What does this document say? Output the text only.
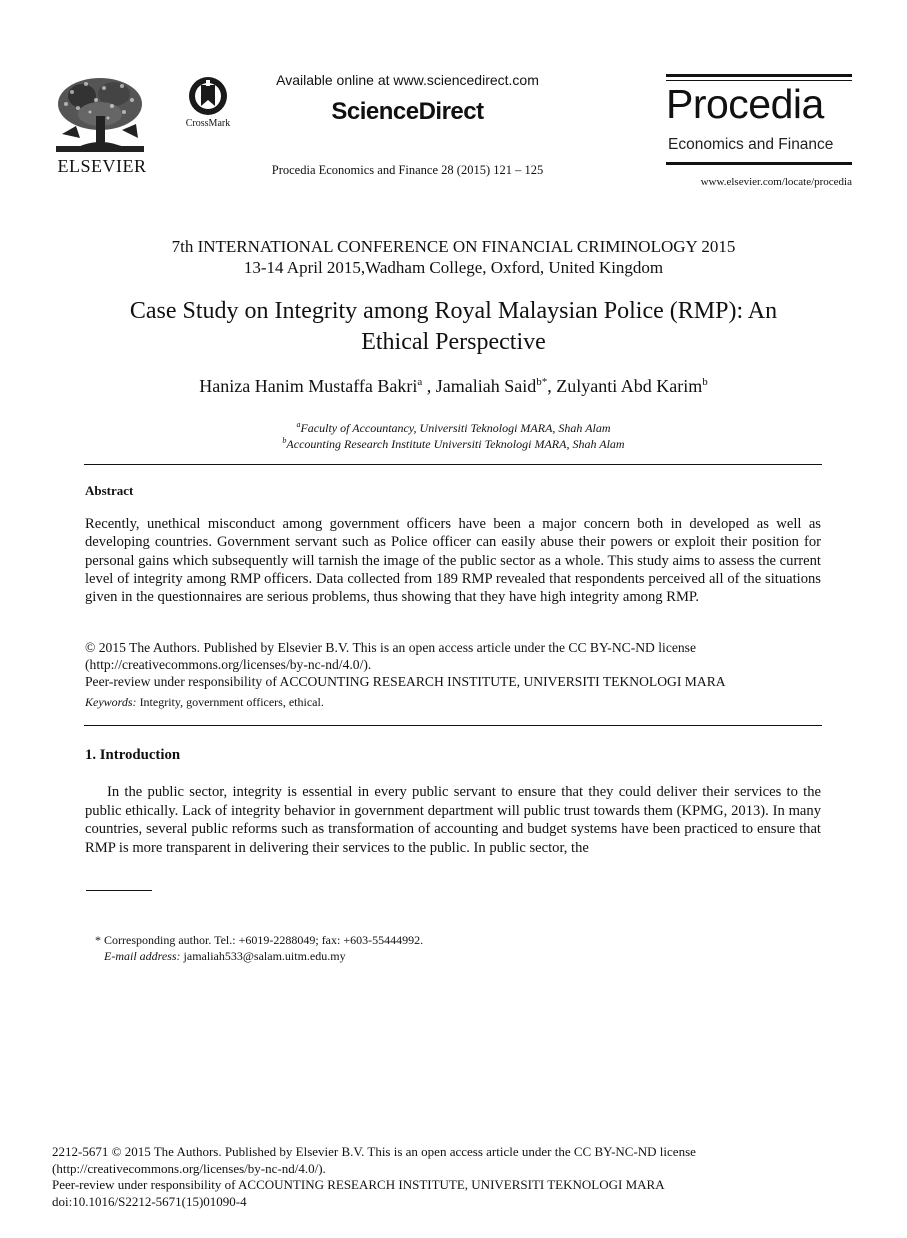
ELSEVIER
CrossMark
Available online at www.sciencedirect.com
ScienceDirect
Procedia Economics and Finance 28 (2015) 121 – 125
Procedia
Economics and Finance
www.elsevier.com/locate/procedia
7th INTERNATIONAL CONFERENCE ON FINANCIAL CRIMINOLOGY 2015
13-14 April 2015,Wadham College, Oxford, United Kingdom
Case Study on Integrity among Royal Malaysian Police (RMP): An
Ethical Perspective
Haniza Hanim Mustaffa Bakri$^a$ , Jamaliah Said$^{b*}$, Zulyanti Abd Karim$^b$
$^a$Faculty of Accountancy, Universiti Teknologi MARA, Shah Alam
$^b$Accounting Research Institute Universiti Teknologi MARA, Shah Alam
Abstract
Recently, unethical misconduct among government officers have been a major concern both in developed as well as developing countries. Government servant such as Police officer can easily abuse their powers or exploit their position for personal gains which subsequently will tarnish the image of the public sector as a whole. This study aims to assess the current level of integrity among RMP officers. Data collected from 189 RMP revealed that respondents perceived all of the situations given in the questionnaires are serious problems, thus showing that they have high integrity among RMP.
© 2015 The Authors. Published by Elsevier B.V. This is an open access article under the CC BY-NC-ND license
(http://creativecommons.org/licenses/by-nc-nd/4.0/).
Peer-review under responsibility of ACCOUNTING RESEARCH INSTITUTE, UNIVERSITI TEKNOLOGI MARA
Keywords: Integrity, government officers, ethical.
1. Introduction
In the public sector, integrity is essential in every public servant to ensure that they could deliver their services to the public ethically. Lack of integrity behavior in government department will public trust towards them (KPMG, 2013). In many countries, several public reforms such as transformation of accounting and budget systems have been practiced to ensure that RMP is more transparent in delivering their services to the public. In public sector, the
* Corresponding author. Tel.: +6019-2288049; fax: +603-55444992.
E-mail address: jamaliah533@salam.uitm.edu.my
2212-5671 © 2015 The Authors. Published by Elsevier B.V. This is an open access article under the CC BY-NC-ND license
(http://creativecommons.org/licenses/by-nc-nd/4.0/).
Peer-review under responsibility of ACCOUNTING RESEARCH INSTITUTE, UNIVERSITI TEKNOLOGI MARA
doi:10.1016/S2212-5671(15)01090-4
